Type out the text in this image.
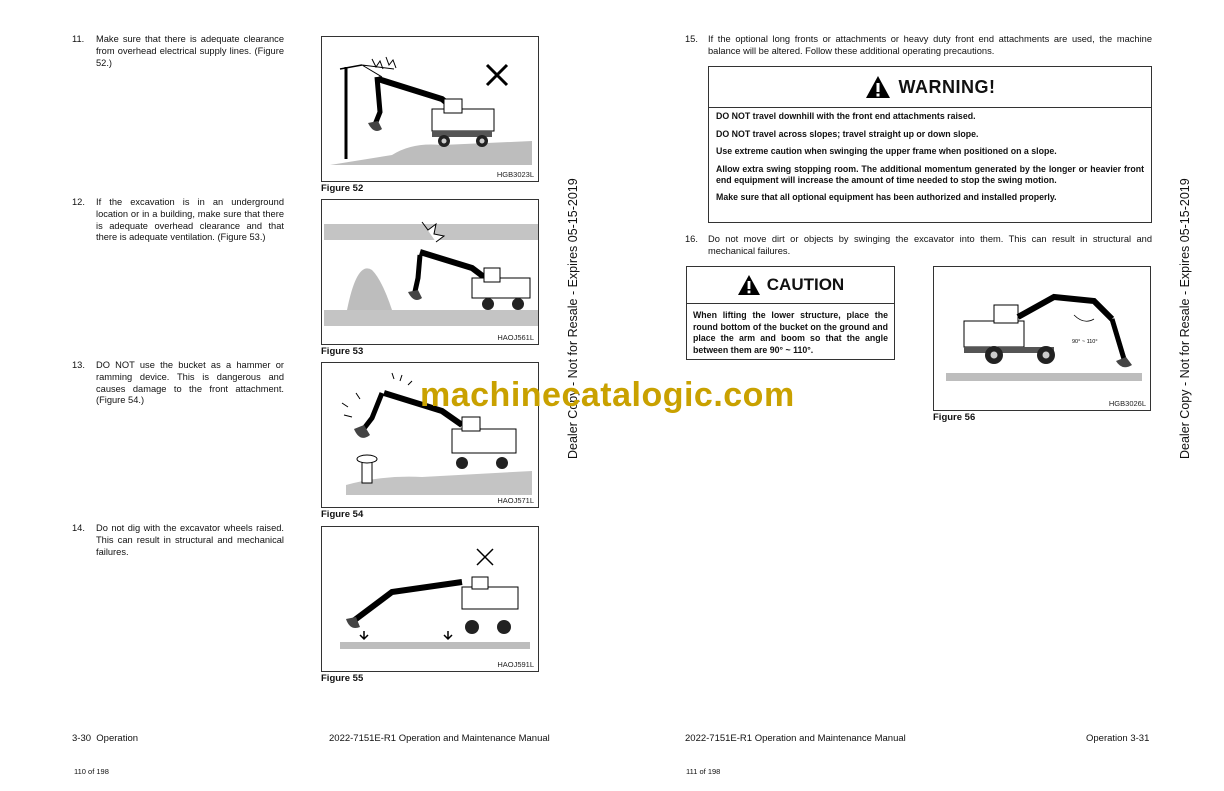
11. Make sure that there is adequate clearance from overhead electrical supply lines. (Figure 52.)
12. If the excavation is in an underground location or in a building, make sure that there is adequate overhead clearance and that there is adequate ventilation. (Figure 53.)
13. DO NOT use the bucket as a hammer or ramming device. This is dangerous and causes damage to the front attachment. (Figure 54.)
14. Do not dig with the excavator wheels raised. This can result in structural and mechanical failures.
HGB3023L
Figure 52
HAOJ561L
Figure 53
HAOJ571L
Figure 54
HAOJ591L
Figure 55
3-30  Operation	2022-7151E-R1 Operation and Maintenance Manual
110 of 198
Dealer Copy - Not for Resale - Expires 05-15-2019	Dealer Copy - Not for Resale - Expires 05-15-2019
15. If the optional long fronts or attachments or heavy duty front end attachments are used, the machine balance will be altered. Follow these additional operating precautions.
WARNING!
DO NOT travel downhill with the front end attachments raised.
DO NOT travel across slopes; travel straight up or down slope.
Use extreme caution when swinging the upper frame when positioned on a slope.
Allow extra swing stopping room. The additional momentum generated by the longer or heavier front end equipment will increase the amount of time needed to stop the swing motion.
Make sure that all optional equipment has been authorized and installed properly.
16. Do not move dirt or objects by swinging the excavator into them. This can result in structural and mechanical failures.
CAUTION
When lifting the lower structure, place the round bottom of the bucket on the ground and place the arm and boom so that the angle between them are 90° ~ 110°.
90° ~ 110°
HGB3026L
Figure 56
2022-7151E-R1 Operation and Maintenance Manual	Operation 3-31
111 of 198
machinecatalogic.com
